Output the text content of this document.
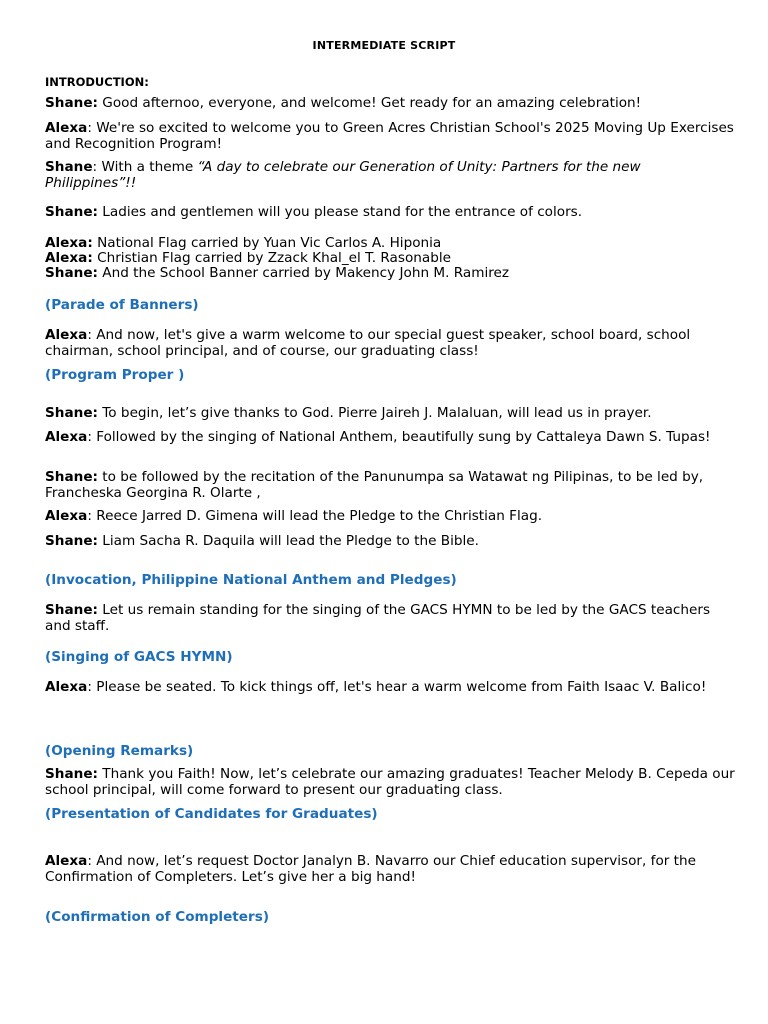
INTERMEDIATE SCRIPT
INTRODUCTION:
Shane: Good afternoo, everyone, and welcome! Get ready for an amazing celebration!
Alexa: We're so excited to welcome you to Green Acres Christian School's 2025 Moving Up Exercises and Recognition Program!
Shane: With a theme “A day to celebrate our Generation of Unity: Partners for the new Philippines”!!
Shane: Ladies and gentlemen will you please stand for the entrance of colors.
Alexa: National Flag carried by Yuan Vic Carlos A. Hiponia
Alexa: Christian Flag carried by Zzack Khal_el T. Rasonable
Shane: And the School Banner carried by Makency John M. Ramirez
(Parade of Banners)
Alexa: And now, let's give a warm welcome to our special guest speaker, school board, school chairman, school principal, and of course, our graduating class!
(Program Proper )
Shane: To begin, let’s give thanks to God. Pierre Jaireh J. Malaluan, will lead us in prayer.
Alexa: Followed by the singing of National Anthem, beautifully sung by Cattaleya Dawn S. Tupas!
Shane: to be followed by the recitation of the Panunumpa sa Watawat ng Pilipinas, to be led by, Francheska Georgina R. Olarte ,
Alexa: Reece Jarred D. Gimena will lead the Pledge to the Christian Flag.
Shane: Liam Sacha R. Daquila will lead the Pledge to the Bible.
(Invocation, Philippine National Anthem and Pledges)
Shane: Let us remain standing for the singing of the GACS HYMN to be led by the GACS teachers and staff.
(Singing of GACS HYMN)
Alexa: Please be seated. To kick things off, let's hear a warm welcome from Faith Isaac V. Balico!
(Opening Remarks)
Shane: Thank you Faith! Now, let’s celebrate our amazing graduates! Teacher Melody B. Cepeda our school principal, will come forward to present our graduating class.
(Presentation of Candidates for Graduates)
Alexa: And now, let’s request Doctor Janalyn B. Navarro our Chief education supervisor, for the Confirmation of Completers. Let’s give her a big hand!
(Confirmation of Completers)
